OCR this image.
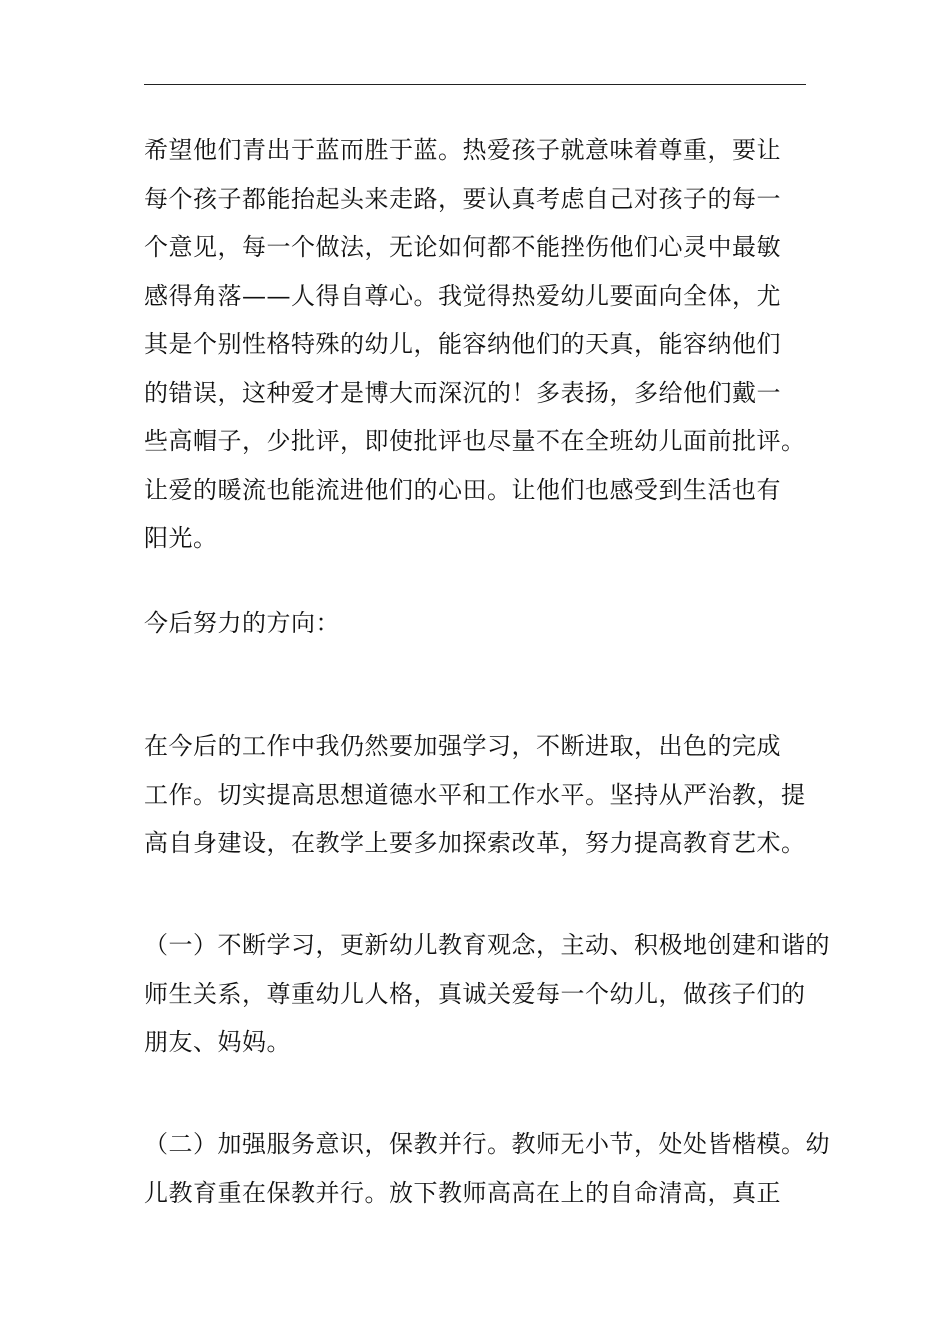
希望他们青出于蓝而胜于蓝。热爱孩子就意味着尊重，要让
每个孩子都能抬起头来走路，要认真考虑自己对孩子的每一
个意见，每一个做法，无论如何都不能挫伤他们心灵中最敏
感得角落——人得自尊心。我觉得热爱幼儿要面向全体，尤
其是个别性格特殊的幼儿，能容纳他们的天真，能容纳他们
的错误，这种爱才是博大而深沉的！多表扬，多给他们戴一
些高帽子，少批评，即使批评也尽量不在全班幼儿面前批评。
让爱的暖流也能流进他们的心田。让他们也感受到生活也有
阳光。
今后努力的方向：
在今后的工作中我仍然要加强学习，不断进取，出色的完成
工作。切实提高思想道德水平和工作水平。坚持从严治教，提
高自身建设，在教学上要多加探索改革，努力提高教育艺术。
（一）不断学习，更新幼儿教育观念，主动、积极地创建和谐的
师生关系，尊重幼儿人格，真诚关爱每一个幼儿，做孩子们的
朋友、妈妈。
（二）加强服务意识，保教并行。教师无小节，处处皆楷模。幼
儿教育重在保教并行。放下教师高高在上的自命清高，真正
